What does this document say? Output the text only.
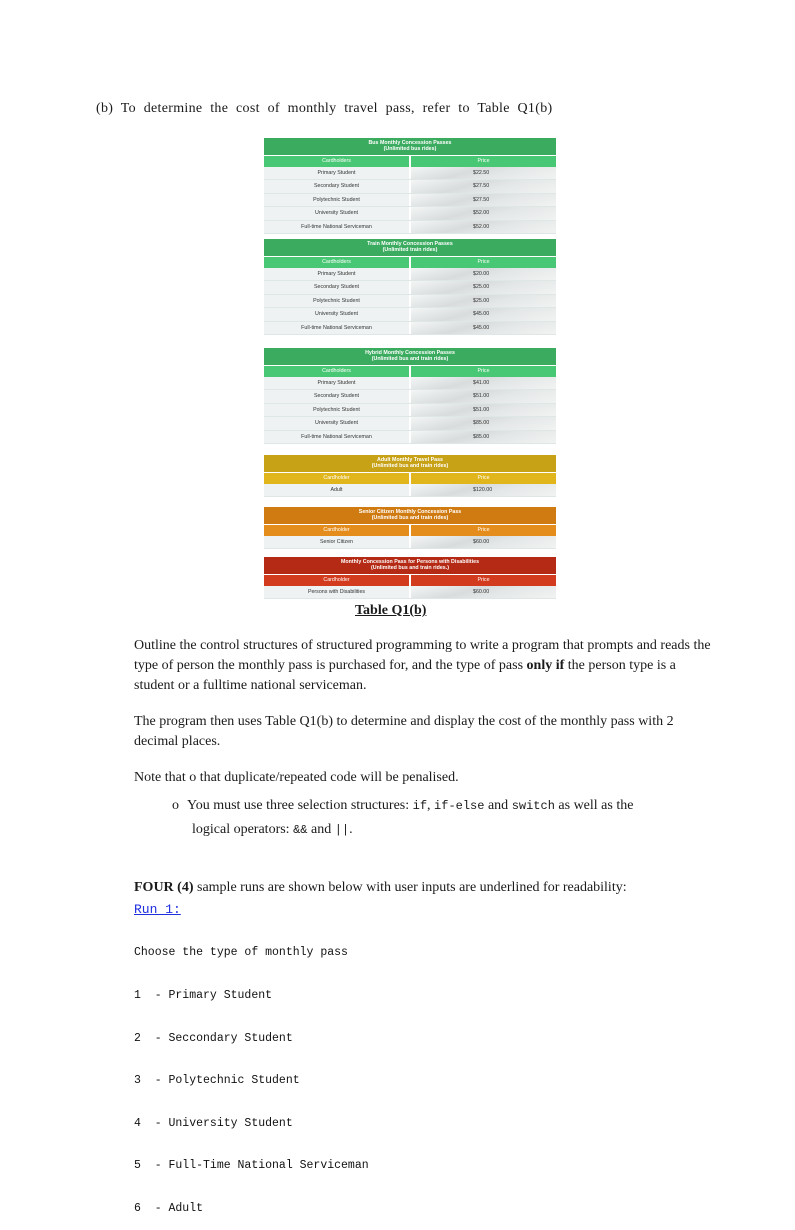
(b) To determine the cost of monthly travel pass, refer to Table Q1(b)
Bus Monthly Concession Passes
(Unlimited bus rides)
Cardholders	Price
Primary Student	$22.50
Secondary Student	$27.50
Polytechnic Student	$27.50
University Student	$52.00
Full-time National Serviceman	$52.00
Train Monthly Concession Passes
(Unlimited train rides)
Cardholders	Price
Primary Student	$20.00
Secondary Student	$25.00
Polytechnic Student	$25.00
University Student	$45.00
Full-time National Serviceman	$45.00
Hybrid Monthly Concession Passes
(Unlimited bus and train rides)
Cardholders	Price
Primary Student	$41.00
Secondary Student	$51.00
Polytechnic Student	$51.00
University Student	$85.00
Full-time National Serviceman	$85.00
Adult Monthly Travel Pass
(Unlimited bus and train rides)
Cardholder	Price
Adult	$120.00
Senior Citizen Monthly Concession Pass
(Unlimited bus and train rides)
Cardholder	Price
Senior Citizen	$60.00
Monthly Concession Pass for Persons with Disabilities
(Unlimited bus and train rides.)
Cardholder	Price
Persons with Disabilities	$60.00
Table Q1(b)
Outline the control structures of structured programming to write a program that prompts and reads the type of person the monthly pass is purchased for, and the type of pass only if the person type is a student or a fulltime national serviceman.
The program then uses Table Q1(b) to determine and display the cost of the monthly pass with 2 decimal places.
Note that o that duplicate/repeated code will be penalised.
o You must use three selection structures: if, if-else and switch as well as the
logical operators: && and ||.
FOUR (4) sample runs are shown below with user inputs are underlined for readability:
Run 1:

Choose the type of monthly pass

1  - Primary Student

2  - Seccondary Student

3  - Polytechnic Student

4  - University Student

5  - Full-Time National Serviceman

6  - Adult
